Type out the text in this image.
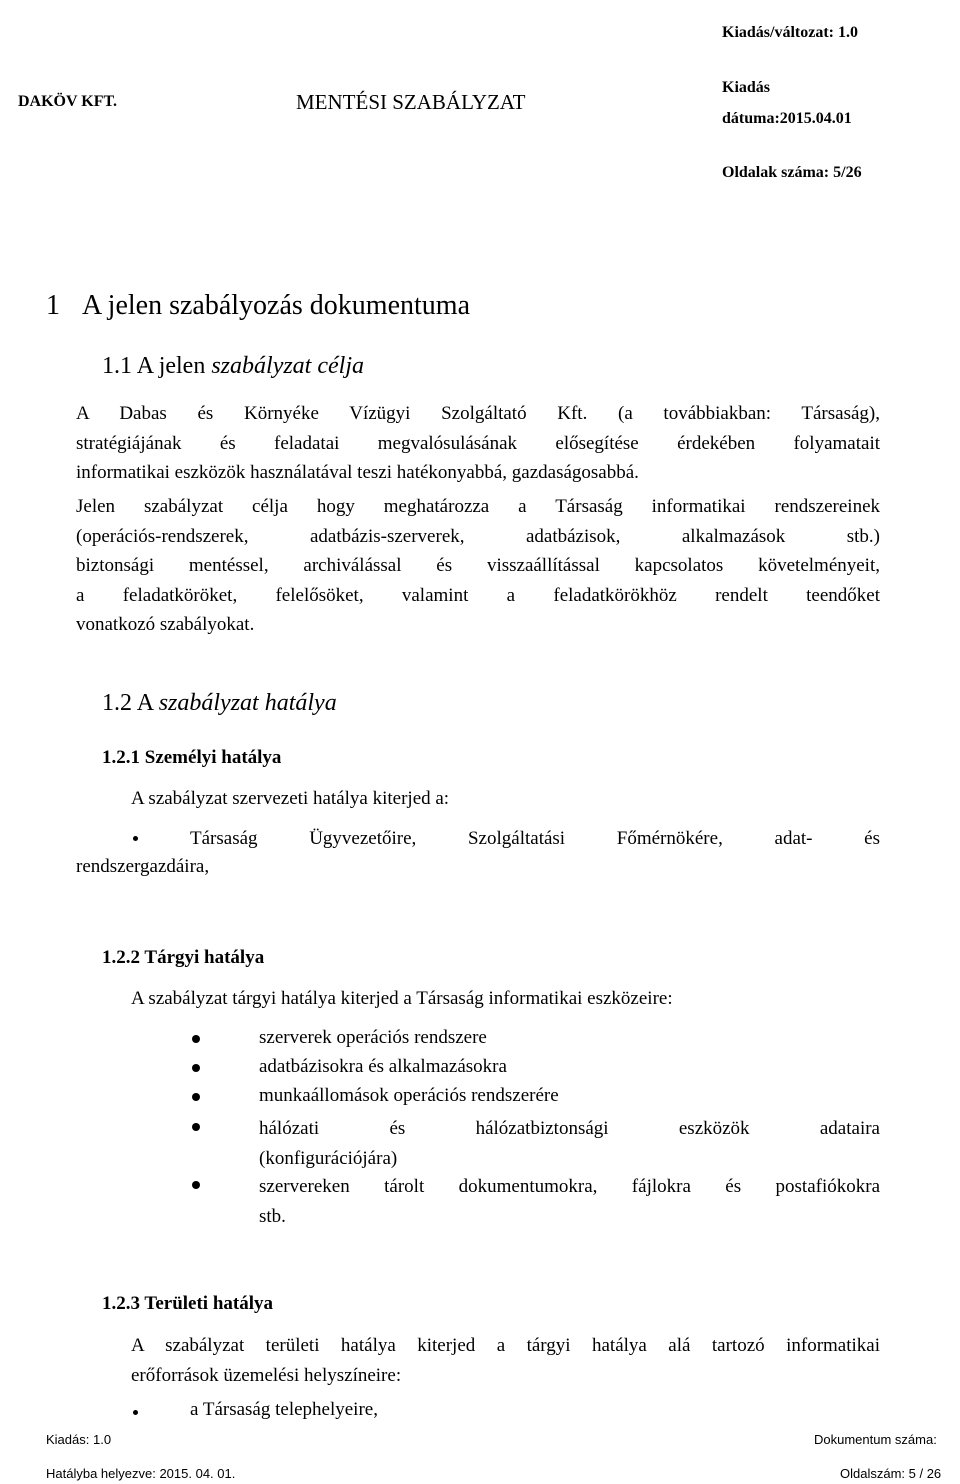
DAKÖV KFT.	MENTÉSI SZABÁLYZAT
Kiadás/változat: 1.0
Kiadás
dátuma:2015.04.01
Oldalak száma: 5/26
1 A jelen szabályozás dokumentuma
1.1 A jelen szabályzat célja
A Dabas és Környéke Vízügyi Szolgáltató Kft. (a továbbiakban: Társaság),
stratégiájának és feladatai megvalósulásának elősegítése érdekében folyamatait
informatikai eszközök használatával teszi hatékonyabbá, gazdaságosabbá.
Jelen szabályzat célja hogy meghatározza a Társaság informatikai rendszereinek
(operációs-rendszerek, adatbázis-szerverek, adatbázisok, alkalmazások stb.)
biztonsági mentéssel, archiválással és visszaállítással kapcsolatos követelményeit,
a feladatköröket, felelősöket, valamint a feladatkörökhöz rendelt teendőket
vonatkozó szabályokat.
1.2 A szabályzat hatálya
1.2.1 Személyi hatálya
A szabályzat szervezeti hatálya kiterjed a:
Társaság Ügyvezetőire, Szolgáltatási Főmérnökére, adat- és
rendszergazdáira,
1.2.2 Tárgyi hatálya
A szabályzat tárgyi hatálya kiterjed a Társaság informatikai eszközeire:
szerverek operációs rendszere
adatbázisokra és alkalmazásokra
munkaállomások operációs rendszerére
hálózati és hálózatbiztonsági eszközök adataira
(konfigurációjára)
szervereken tárolt dokumentumokra, fájlokra és postafiókokra
stb.
1.2.3 Területi hatálya
A szabályzat területi hatálya kiterjed a tárgyi hatálya alá tartozó informatikai
erőforrások üzemelési helyszíneire:
a Társaság telephelyeire,
Kiadás: 1.0
Hatályba helyezve: 2015. 04. 01.
Dokumentum száma:
Oldalszám: 5 / 26
